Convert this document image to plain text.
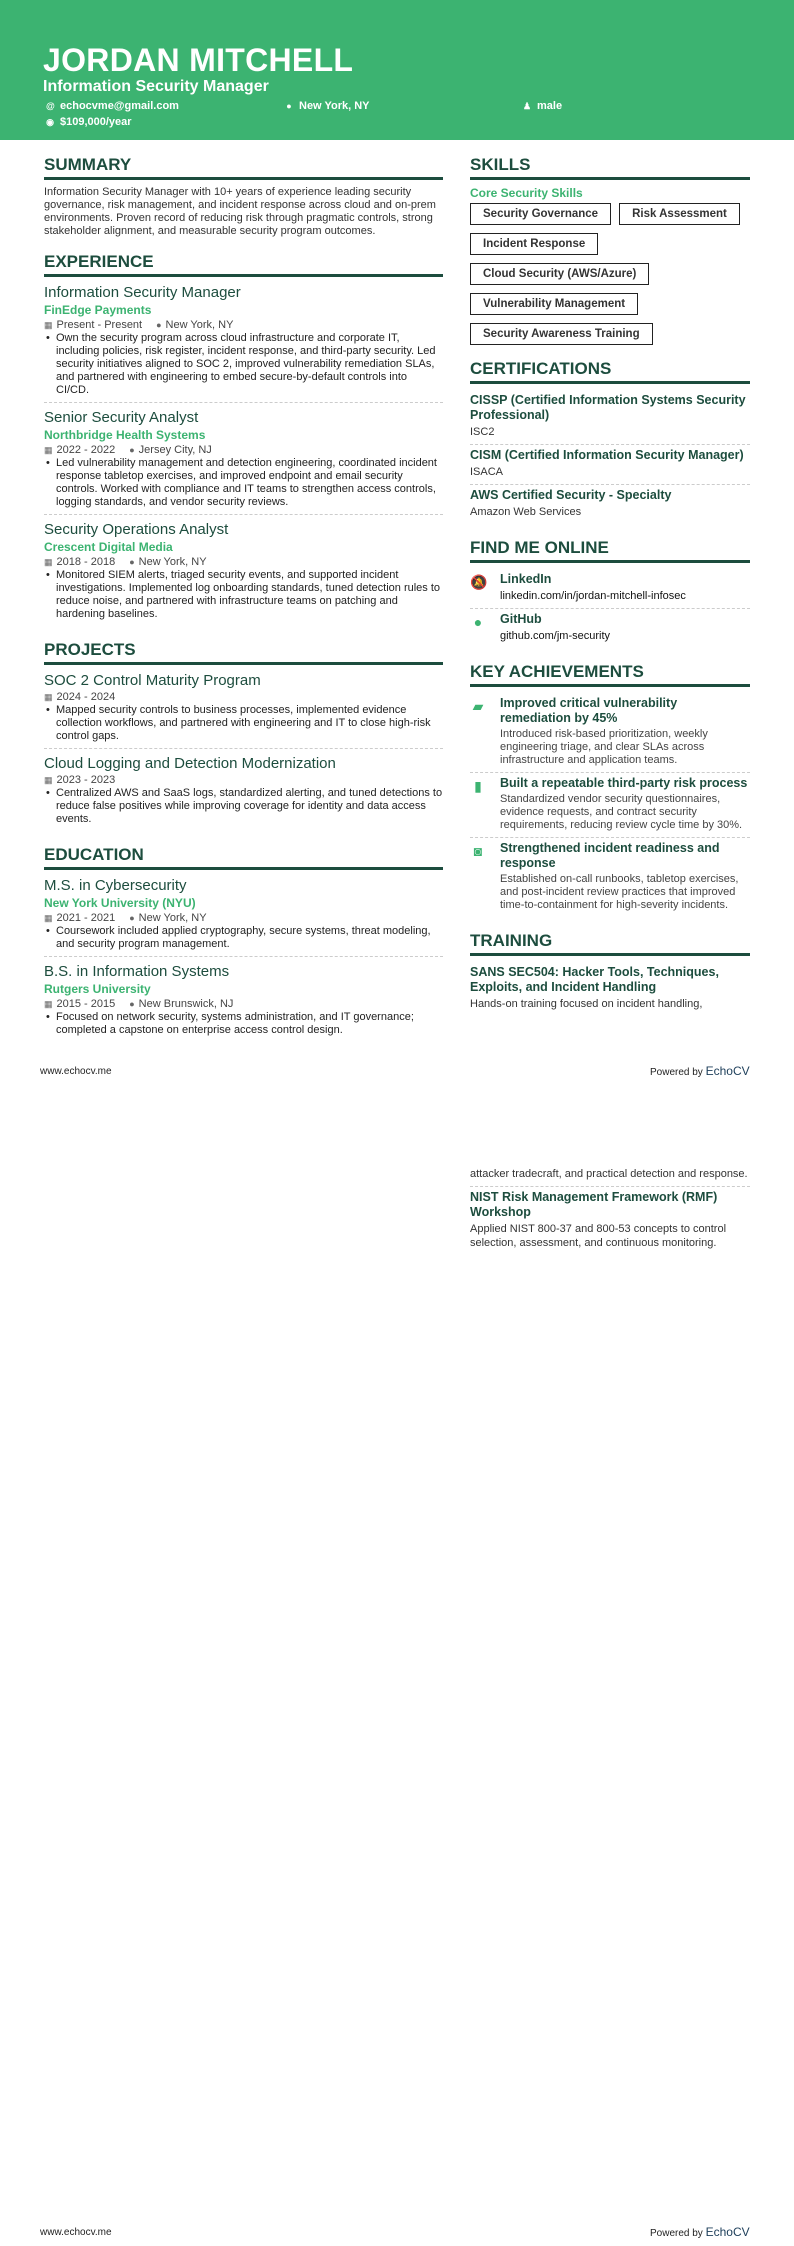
JORDAN MITCHELL
Information Security Manager
@ echocvme@gmail.com	● New York, NY	♟ male
◉ $109,000/year
SUMMARY
Information Security Manager with 10+ years of experience leading security governance, risk management, and incident response across cloud and on-prem environments. Proven record of reducing risk through pragmatic controls, strong stakeholder alignment, and measurable security program outcomes.
EXPERIENCE
Information Security Manager
FinEdge Payments
▦ Present - Present ● New York, NY
• Own the security program across cloud infrastructure and corporate IT, including policies, risk register, incident response, and third-party security. Led security initiatives aligned to SOC 2, improved vulnerability remediation SLAs, and partnered with engineering to embed secure-by-default controls into CI/CD.
Senior Security Analyst
Northbridge Health Systems
▦ 2022 - 2022 ● Jersey City, NJ
• Led vulnerability management and detection engineering, coordinated incident response tabletop exercises, and improved endpoint and email security controls. Worked with compliance and IT teams to strengthen access controls, logging standards, and vendor security reviews.
Security Operations Analyst
Crescent Digital Media
▦ 2018 - 2018 ● New York, NY
• Monitored SIEM alerts, triaged security events, and supported incident investigations. Implemented log onboarding standards, tuned detection rules to reduce noise, and partnered with infrastructure teams on patching and hardening baselines.
PROJECTS
SOC 2 Control Maturity Program
▦ 2024 - 2024
• Mapped security controls to business processes, implemented evidence collection workflows, and partnered with engineering and IT to close high-risk control gaps.
Cloud Logging and Detection Modernization
▦ 2023 - 2023
• Centralized AWS and SaaS logs, standardized alerting, and tuned detections to reduce false positives while improving coverage for identity and data access events.
EDUCATION
M.S. in Cybersecurity
New York University (NYU)
▦ 2021 - 2021 ● New York, NY
• Coursework included applied cryptography, secure systems, threat modeling, and security program management.
B.S. in Information Systems
Rutgers University
▦ 2015 - 2015 ● New Brunswick, NJ
• Focused on network security, systems administration, and IT governance; completed a capstone on enterprise access control design.
SKILLS
Core Security Skills
Security Governance	Risk Assessment
Incident Response
Cloud Security (AWS/Azure)
Vulnerability Management
Security Awareness Training
CERTIFICATIONS
CISSP (Certified Information Systems Security Professional)
ISC2
CISM (Certified Information Security Manager)
ISACA
AWS Certified Security - Specialty
Amazon Web Services
FIND ME ONLINE
🔕 LinkedIn
linkedin.com/in/jordan-mitchell-infosec
●	GitHub
github.com/jm-security
KEY ACHIEVEMENTS
▰ Improved critical vulnerability remediation by 45%
Introduced risk-based prioritization, weekly engineering triage, and clear SLAs across infrastructure and application teams.
▮	Built a repeatable third-party risk process
Standardized vendor security questionnaires, evidence requests, and contract security requirements, reducing review cycle time by 30%.
◙	Strengthened incident readiness and response
Established on-call runbooks, tabletop exercises, and post-incident review practices that improved time-to-containment for high-severity incidents.
TRAINING
SANS SEC504: Hacker Tools, Techniques, Exploits, and Incident Handling
Hands-on training focused on incident handling,
www.echocv.me	Powered by EchoCV
attacker tradecraft, and practical detection and response.
NIST Risk Management Framework (RMF) Workshop
Applied NIST 800-37 and 800-53 concepts to control selection, assessment, and continuous monitoring.
www.echocv.me	Powered by EchoCV
